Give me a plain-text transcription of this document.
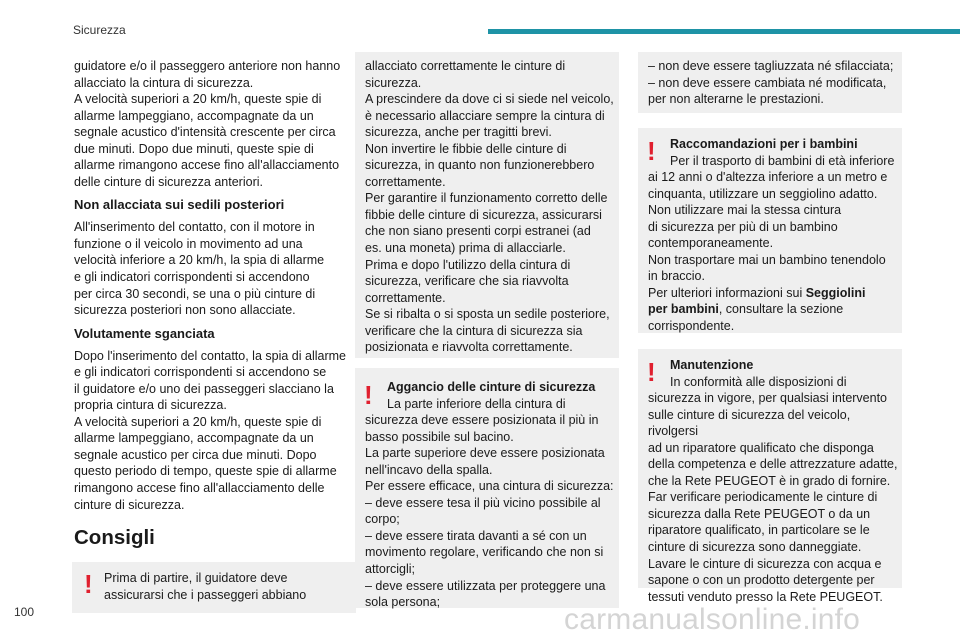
Sicurezza

guidatore e/o il passeggero anteriore non hanno
allacciato la cintura di sicurezza.
A velocità superiori a 20 km/h, queste spie di
allarme lampeggiano, accompagnate da un
segnale acustico d'intensità crescente per circa
due minuti. Dopo due minuti, queste spie di
allarme rimangono accese fino all'allacciamento
delle cinture di sicurezza anteriori.

Non allacciata sui sedili posteriori

All'inserimento del contatto, con il motore in
funzione o il veicolo in movimento ad una
velocità inferiore a 20 km/h, la spia di allarme
e gli indicatori corrispondenti si accendono
per circa 30 secondi, se una o più cinture di
sicurezza posteriori non sono allacciate.

Volutamente sganciata

Dopo l'inserimento del contatto, la spia di allarme
e gli indicatori corrispondenti si accendono se
il guidatore e/o uno dei passeggeri slacciano la
propria cintura di sicurezza.
A velocità superiori a 20 km/h, queste spie di
allarme lampeggiano, accompagnate da un
segnale acustico per circa due minuti. Dopo
questo periodo di tempo, queste spie di allarme
rimangono accese fino all'allacciamento delle
cinture di sicurezza.

Consigli
! Prima di partire, il guidatore deve
assicurarsi che i passeggeri abbiano

allacciato correttamente le cinture di
sicurezza.
A prescindere da dove ci si siede nel veicolo,
è necessario allacciare sempre la cintura di
sicurezza, anche per tragitti brevi.
Non invertire le fibbie delle cinture di
sicurezza, in quanto non funzionerebbero
correttamente.
Per garantire il funzionamento corretto delle
fibbie delle cinture di sicurezza, assicurarsi
che non siano presenti corpi estranei (ad
es. una moneta) prima di allacciarle.
Prima e dopo l'utilizzo della cintura di
sicurezza, verificare che sia riavvolta
correttamente.
Se si ribalta o si sposta un sedile posteriore,
verificare che la cintura di sicurezza sia
posizionata e riavvolta correttamente.

!	Aggancio delle cinture di sicurezza

La parte inferiore della cintura di

sicurezza deve essere posizionata il più in
basso possibile sul bacino.
La parte superiore deve essere posizionata
nell'incavo della spalla.
Per essere efficace, una cintura di sicurezza:
– deve essere tesa il più vicino possibile al
corpo;
– deve essere tirata davanti a sé con un
movimento regolare, verificando che non si
attorcigli;
– deve essere utilizzata per proteggere una
sola persona;

– non deve essere tagliuzzata né sfilacciata;
– non deve essere cambiata né modificata,
per non alterarne le prestazioni.

!	Raccomandazioni per i bambini

Per il trasporto di bambini di età inferiore

ai 12 anni o d'altezza inferiore a un metro e
cinquanta, utilizzare un seggiolino adatto.
Non utilizzare mai la stessa cintura
di sicurezza per più di un bambino
contemporaneamente.
Non trasportare mai un bambino tenendolo
in braccio.
Per ulteriori informazioni sui Seggiolini
per bambini, consultare la sezione
corrispondente.

!	Manutenzione

In conformità alle disposizioni di

sicurezza in vigore, per qualsiasi intervento
sulle cinture di sicurezza del veicolo, rivolgersi
ad un riparatore qualificato che disponga
della competenza e delle attrezzature adatte,
che la Rete PEUGEOT è in grado di fornire.
Far verificare periodicamente le cinture di
sicurezza dalla Rete PEUGEOT o da un
riparatore qualificato, in particolare se le
cinture di sicurezza sono danneggiate.
Lavare le cinture di sicurezza con acqua e
sapone o con un prodotto detergente per
tessuti venduto presso la Rete PEUGEOT.

100	carmanualsonline.info
